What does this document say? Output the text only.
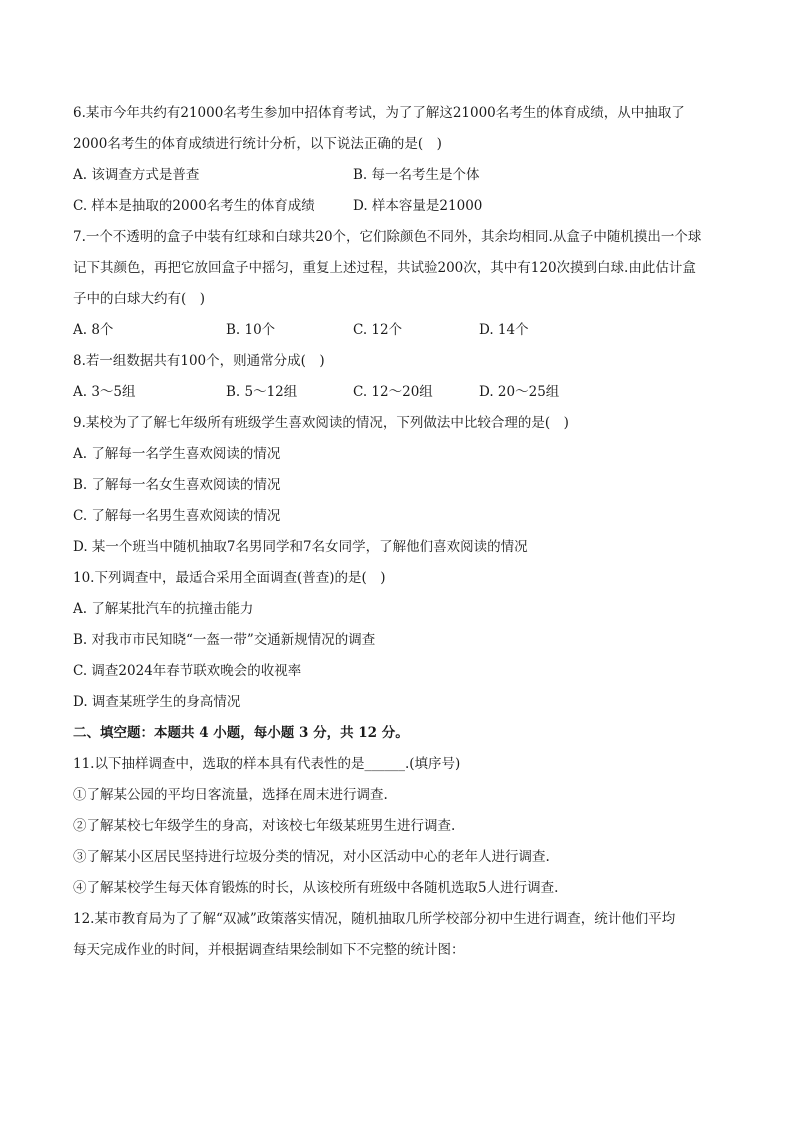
6.某市今年共约有21000名考生参加中招体育考试，为了了解这21000名考生的体育成绩，从中抽取了
2000名考生的体育成绩进行统计分析，以下说法正确的是(　)
A. 该调查方式是普查	B. 每一名考生是个体
C. 样本是抽取的2000名考生的体育成绩	D. 样本容量是21000
7.一个不透明的盒子中装有红球和白球共20个，它们除颜色不同外，其余均相同.从盒子中随机摸出一个球
记下其颜色，再把它放回盒子中摇匀，重复上述过程，共试验200次，其中有120次摸到白球.由此估计盒
子中的白球大约有(　)
A. 8个	B. 10个	C. 12个	D. 14个
8.若一组数据共有100个，则通常分成(　)
A. 3～5组	B. 5～12组	C. 12～20组	D. 20～25组
9.某校为了了解七年级所有班级学生喜欢阅读的情况，下列做法中比较合理的是(　)
A. 了解每一名学生喜欢阅读的情况
B. 了解每一名女生喜欢阅读的情况
C. 了解每一名男生喜欢阅读的情况
D. 某一个班当中随机抽取7名男同学和7名女同学，了解他们喜欢阅读的情况
10.下列调查中，最适合采用全面调查(普查)的是(　)
A. 了解某批汽车的抗撞击能力
B. 对我市市民知晓“一盔一带”交通新规情况的调查
C. 调查2024年春节联欢晚会的收视率
D. 调查某班学生的身高情况
二、填空题：本题共 4 小题，每小题 3 分，共 12 分。
11.以下抽样调查中，选取的样本具有代表性的是______.(填序号)
①了解某公园的平均日客流量，选择在周末进行调查.
②了解某校七年级学生的身高，对该校七年级某班男生进行调查.
③了解某小区居民坚持进行垃圾分类的情况，对小区活动中心的老年人进行调查.
④了解某校学生每天体育锻炼的时长，从该校所有班级中各随机选取5人进行调查.
12.某市教育局为了了解“双减”政策落实情况，随机抽取几所学校部分初中生进行调查，统计他们平均
每天完成作业的时间，并根据调查结果绘制如下不完整的统计图：
